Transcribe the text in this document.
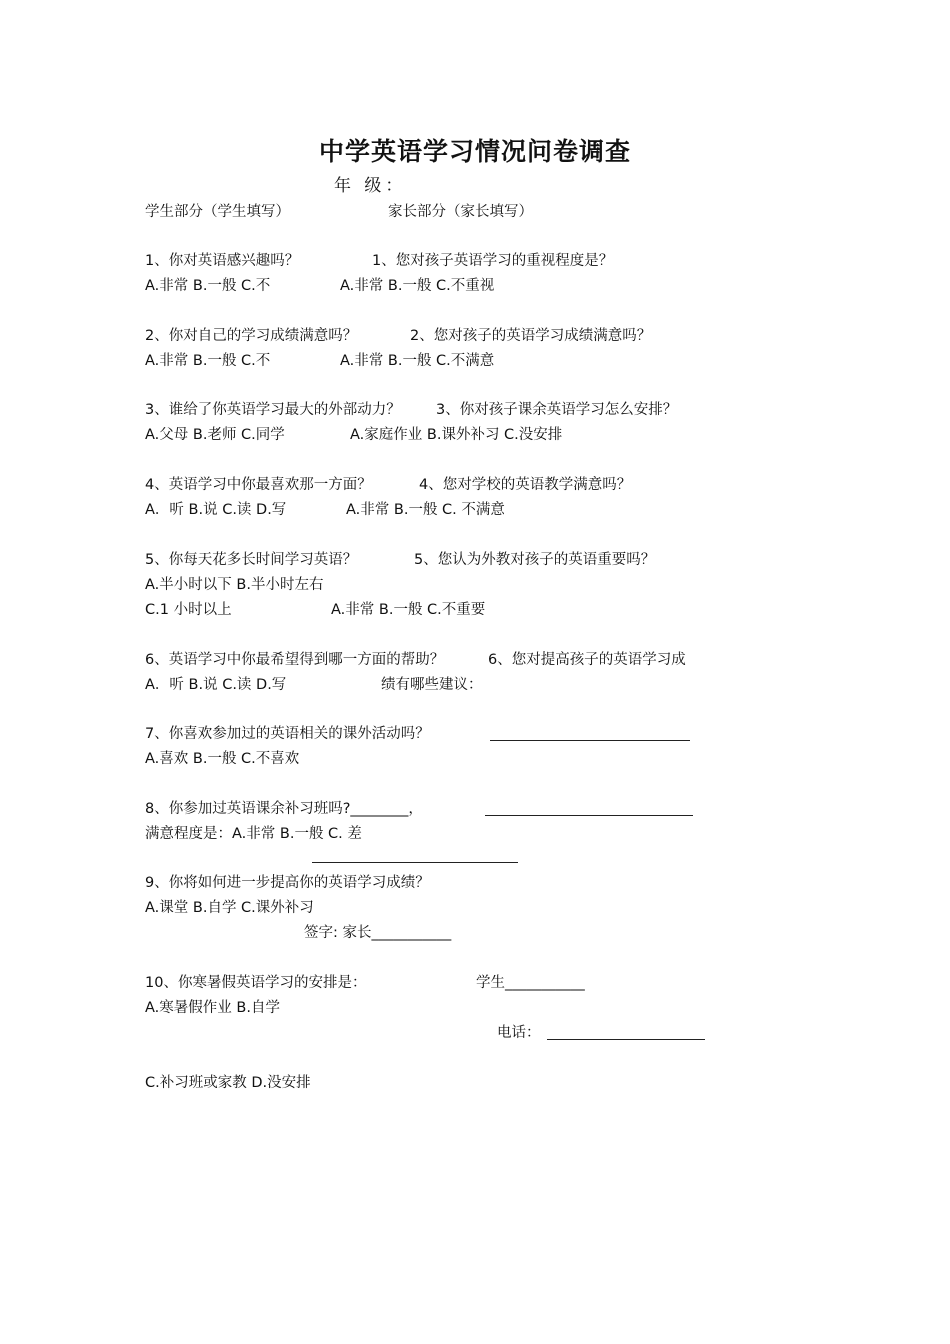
中学英语学习情况问卷调查
年 级：
学生部分（学生填写）	家长部分（家长填写）
1、你对英语感兴趣吗？	1、您对孩子英语学习的重视程度是？
A.非常 B.一般 C.不	A.非常 B.一般 C.不重视
2、你对自己的学习成绩满意吗？	2、您对孩子的英语学习成绩满意吗？
A.非常 B.一般 C.不	A.非常 B.一般 C.不满意
3、谁给了你英语学习最大的外部动力？ 3、你对孩子课余英语学习怎么安排？
A.父母 B.老师 C.同学	A.家庭作业 B.课外补习 C.没安排
4、英语学习中你最喜欢那一方面？	4、您对学校的英语教学满意吗？
A．听 B.说 C.读 D.写	A.非常 B.一般 C. 不满意
5、你每天花多长时间学习英语？	5、您认为外教对孩子的英语重要吗？
A.半小时以下 B.半小时左右
C.1 小时以上	A.非常 B.一般 C.不重要
6、英语学习中你最希望得到哪一方面的帮助？	6、您对提高孩子的英语学习成
A．听 B.说 C.读 D.写	绩有哪些建议：
7、你喜欢参加过的英语相关的课外活动吗？
A.喜欢 B.一般 C.不喜欢
8、你参加过英语课余补习班吗?________，
满意程度是：A.非常 B.一般 C. 差
9、你将如何进一步提高你的英语学习成绩？
A.课堂 B.自学 C.课外补习
签字: 家长___________
10、你寒暑假英语学习的安排是：	学生___________
A.寒暑假作业 B.自学
电话：
C.补习班或家教 D.没安排
